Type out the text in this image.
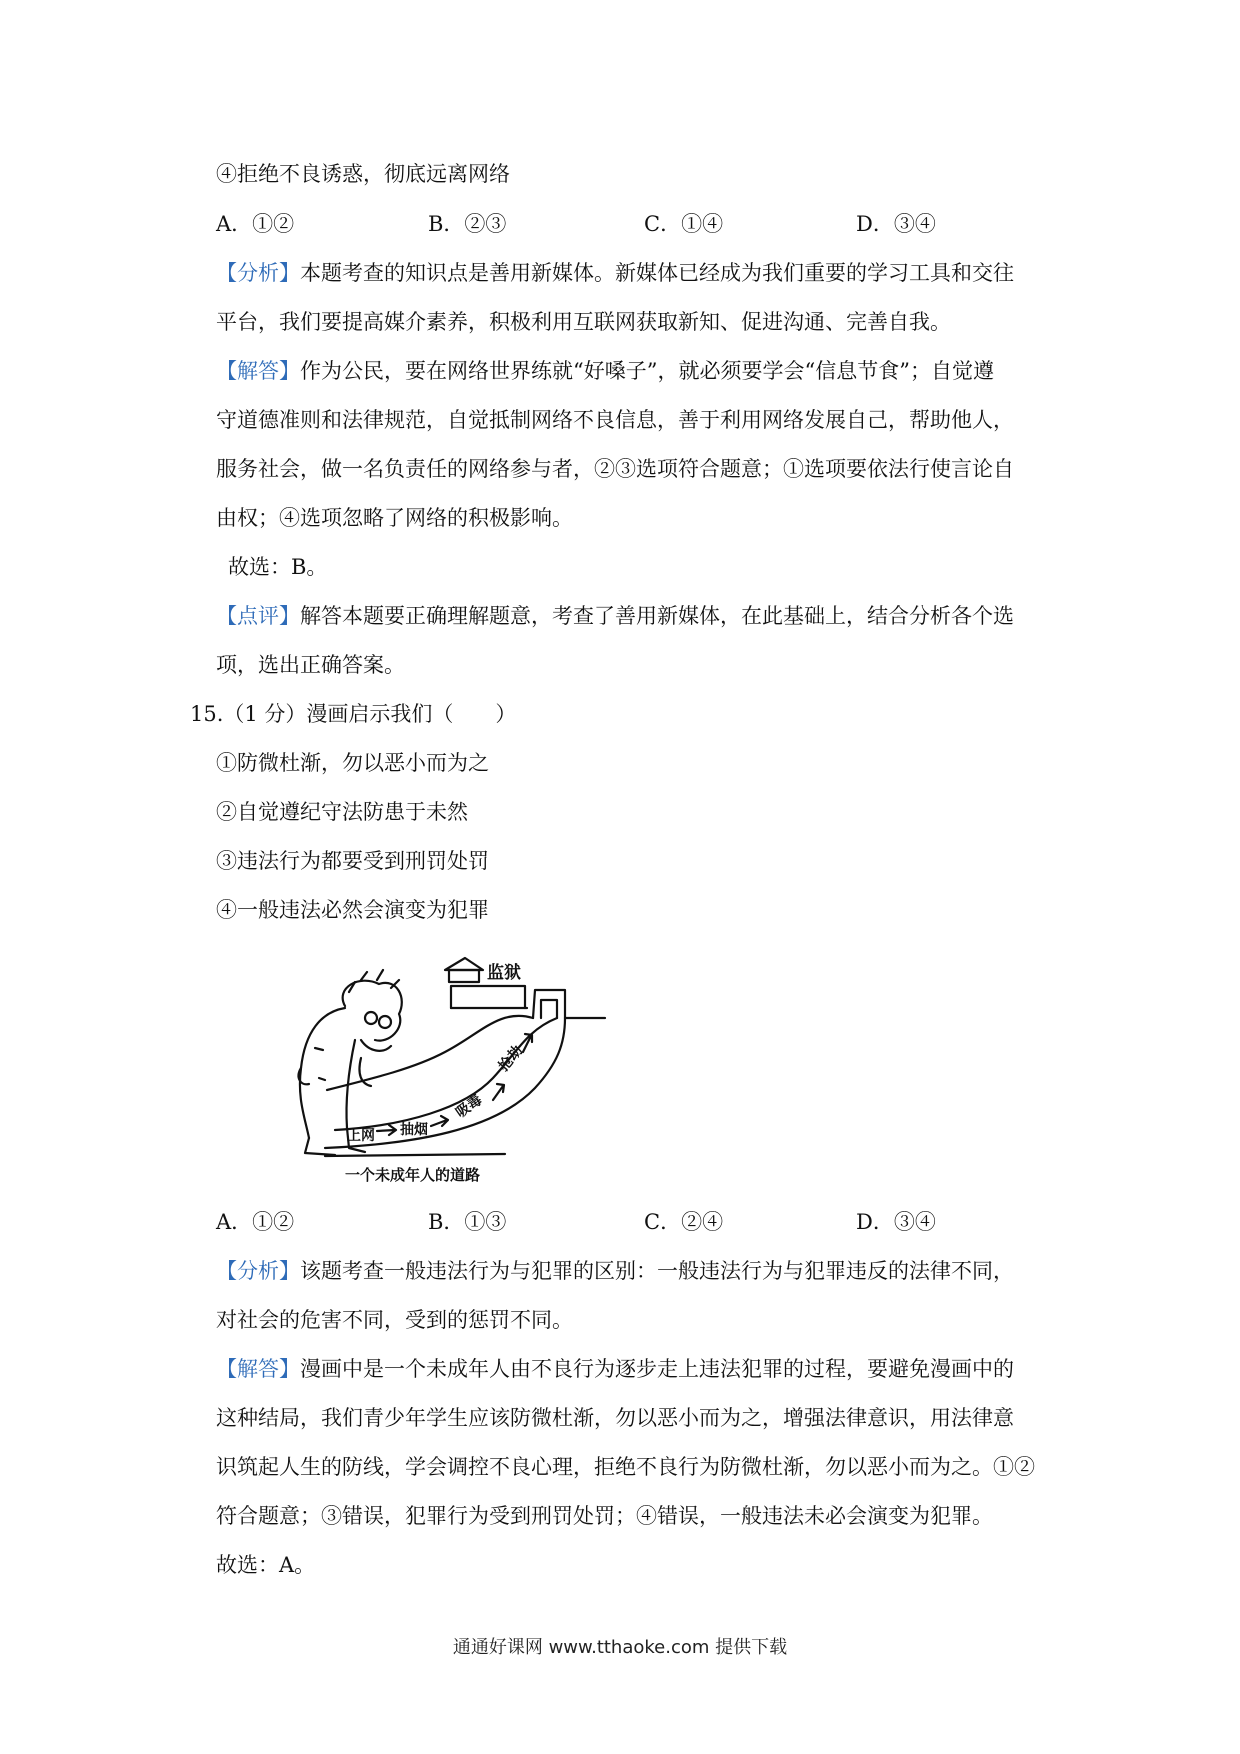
④拒绝不良诱惑，彻底远离网络
A．①②	B．②③	C．①④	D．③④
【分析】本题考查的知识点是善用新媒体。新媒体已经成为我们重要的学习工具和交往
平台，我们要提高媒介素养，积极利用互联网获取新知、促进沟通、完善自我。
【解答】作为公民，要在网络世界练就“好嗓子”，就必须要学会“信息节食”；自觉遵
守道德准则和法律规范，自觉抵制网络不良信息，善于利用网络发展自己，帮助他人，
服务社会，做一名负责任的网络参与者，②③选项符合题意；①选项要依法行使言论自
由权；④选项忽略了网络的积极影响。
故选：B。
【点评】解答本题要正确理解题意，考查了善用新媒体，在此基础上，结合分析各个选
项，选出正确答案。
15.（1 分）漫画启示我们（　　）
①防微杜渐，勿以恶小而为之
②自觉遵纪守法防患于未然
③违法行为都要受到刑罚处罚
④一般违法必然会演变为犯罪
监狱
上网 抽烟
吸毒
抢劫
一个未成年人的道路
A．①②	B．①③	C．②④	D．③④
【分析】该题考查一般违法行为与犯罪的区别：一般违法行为与犯罪违反的法律不同，
对社会的危害不同，受到的惩罚不同。
【解答】漫画中是一个未成年人由不良行为逐步走上违法犯罪的过程，要避免漫画中的
这种结局，我们青少年学生应该防微杜渐，勿以恶小而为之，增强法律意识，用法律意
识筑起人生的防线，学会调控不良心理，拒绝不良行为防微杜渐，勿以恶小而为之。①②
符合题意；③错误，犯罪行为受到刑罚处罚；④错误，一般违法未必会演变为犯罪。
故选：A。
通通好课网 www.tthaoke.com 提供下载
